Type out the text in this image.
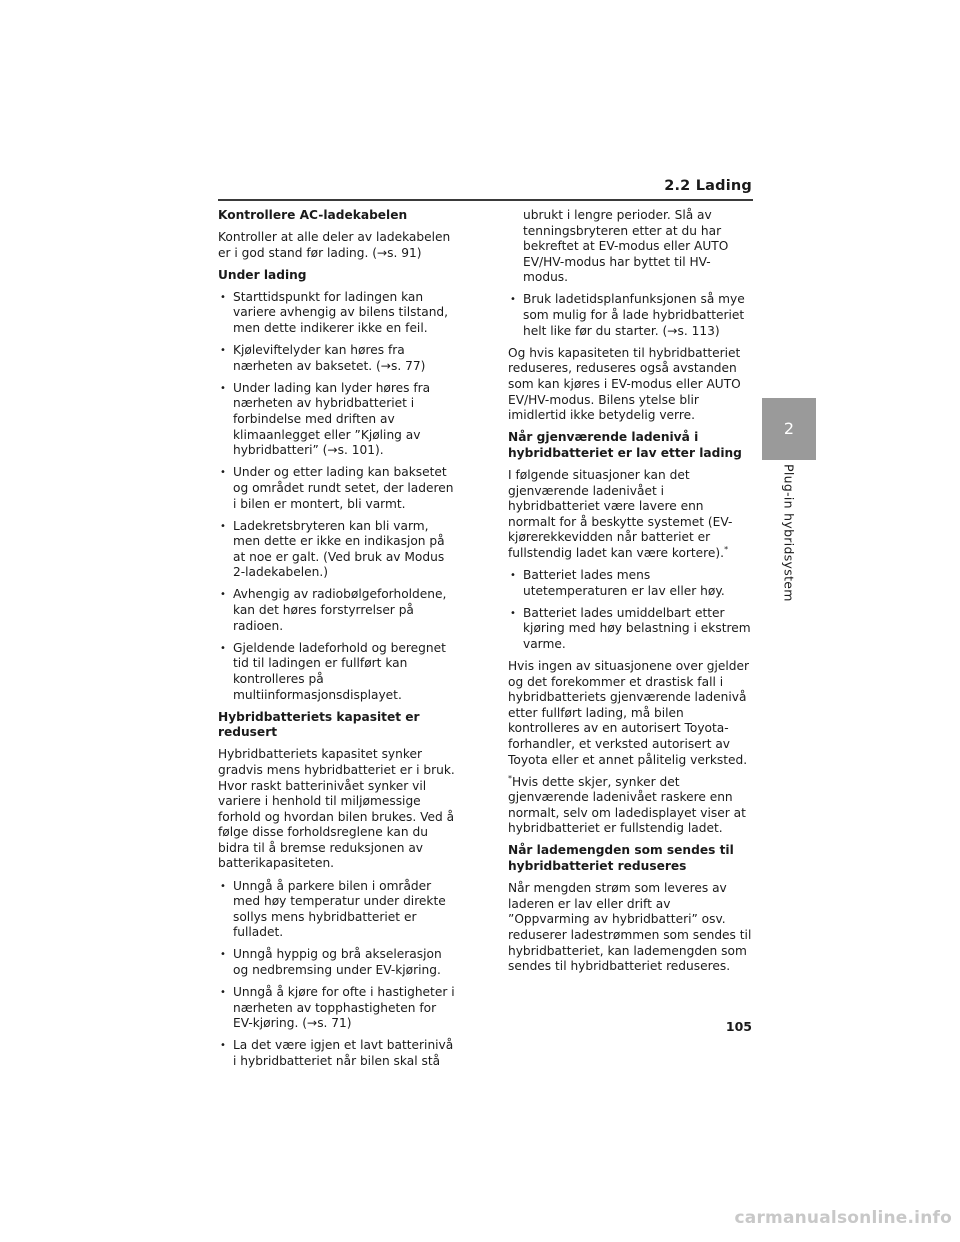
2.2 Lading
2
Plug-in hybridsystem
Kontrollere AC-ladekabelen

Kontroller at alle deler av ladekabelen er i god stand før lading. (→s. 91)

Under lading
• Starttidspunkt for ladingen kan variere avhengig av bilens tilstand, men dette indikerer ikke en feil.
• Kjøleviftelyder kan høres fra nærheten av baksetet. (→s. 77)
• Under lading kan lyder høres fra nærheten av hybridbatteriet i forbindelse med driften av klimaanlegget eller ”Kjøling av hybridbatteri” (→s. 101).
• Under og etter lading kan baksetet og området rundt setet, der laderen i bilen er montert, bli varmt.
• Ladekretsbryteren kan bli varm, men dette er ikke en indikasjon på at noe er galt. (Ved bruk av Modus 2-ladekabelen.)
• Avhengig av radiobølgeforholdene, kan det høres forstyrrelser på radioen.
• Gjeldende ladeforhold og beregnet tid til ladingen er fullført kan kontrolleres på multiinformasjonsdisplayet.
Hybridbatteriets kapasitet er redusert

Hybridbatteriets kapasitet synker gradvis mens hybridbatteriet er i bruk. Hvor raskt batterinivået synker vil variere i henhold til miljømessige forhold og hvordan bilen brukes. Ved å følge disse forholdsreglene kan du bidra til å bremse reduksjonen av batterikapasiteten.

• Unngå å parkere bilen i områder med høy temperatur under direkte sollys mens hybridbatteriet er fulladet.
• Unngå hyppig og brå akselerasjon og nedbremsing under EV-kjøring.
• Unngå å kjøre for ofte i hastigheter i nærheten av topphastigheten for EV-kjøring. (→s. 71)
• La det være igjen et lavt batterinivå i hybridbatteriet når bilen skal stå
ubrukt i lengre perioder. Slå av tenningsbryteren etter at du har bekreftet at EV-modus eller AUTO EV/HV-modus har byttet til HV-modus.
• Bruk ladetidsplanfunksjonen så mye som mulig for å lade hybridbatteriet helt like før du starter. (→s. 113)

Og hvis kapasiteten til hybridbatteriet reduseres, reduseres også avstanden som kan kjøres i EV-modus eller AUTO EV/HV-modus. Bilens ytelse blir imidlertid ikke betydelig verre.

Når gjenværende ladenivå i hybridbatteriet er lav etter lading

I følgende situasjoner kan det gjenværende ladenivået i hybridbatteriet være lavere enn normalt for å beskytte systemet (EV-kjørerekkevidden når batteriet er fullstendig ladet kan være kortere).*

• Batteriet lades mens utetemperaturen er lav eller høy.
• Batteriet lades umiddelbart etter kjøring med høy belastning i ekstrem varme.

Hvis ingen av situasjonene over gjelder og det forekommer et drastisk fall i hybridbatteriets gjenværende ladenivå etter fullført lading, må bilen kontrolleres av en autorisert Toyota-forhandler, et verksted autorisert av Toyota eller et annet pålitelig verksted.

*Hvis dette skjer, synker det gjenværende ladenivået raskere enn normalt, selv om ladedisplayet viser at hybridbatteriet er fullstendig ladet.

Når lademengden som sendes til hybridbatteriet reduseres

Når mengden strøm som leveres av laderen er lav eller drift av ”Oppvarming av hybridbatteri” osv. reduserer ladestrømmen som sendes til hybridbatteriet, kan lademengden som sendes til hybridbatteriet reduseres.

105
carmanualsonline.info
